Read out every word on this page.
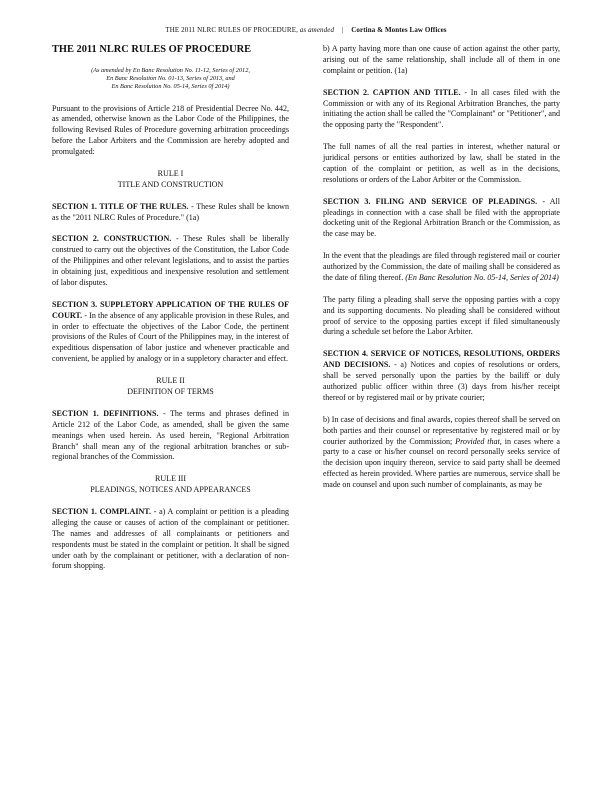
THE 2011 NLRC RULES OF PROCEDURE, as amended | Cortina & Montes Law Offices

THE 2011 NLRC RULES OF PROCEDURE

(As amended by En Banc Resolution No. 11-12, Series of 2012,
En Banc Resolution No. 01-13, Series of 2013, and
En Banc Resolution No. 05-14, Series 0f 2014)

Pursuant to the provisions of Article 218 of Presidential Decree No. 442, as amended, otherwise known as the Labor Code of the Philippines, the following Revised Rules of Procedure governing arbitration proceedings before the Labor Arbiters and the Commission are hereby adopted and promulgated:

RULE I
TITLE AND CONSTRUCTION

SECTION 1. TITLE OF THE RULES. - These Rules shall be known as the "2011 NLRC Rules of Procedure." (1a)

SECTION 2. CONSTRUCTION. - These Rules shall be liberally construed to carry out the objectives of the Constitution, the Labor Code of the Philippines and other relevant legislations, and to assist the parties in obtaining just, expeditious and inexpensive resolution and settlement of labor disputes.

SECTION 3. SUPPLETORY APPLICATION OF THE RULES OF COURT. - In the absence of any applicable provision in these Rules, and in order to effectuate the objectives of the Labor Code, the pertinent provisions of the Rules of Court of the Philippines may, in the interest of expeditious dispensation of labor justice and whenever practicable and convenient, be applied by analogy or in a suppletory character and effect.

RULE II
DEFINITION OF TERMS

SECTION 1. DEFINITIONS. - The terms and phrases defined in Article 212 of the Labor Code, as amended, shall be given the same meanings when used herein. As used herein, "Regional Arbitration Branch" shall mean any of the regional arbitration branches or sub-regional branches of the Commission.

RULE III
PLEADINGS, NOTICES AND APPEARANCES

SECTION 1. COMPLAINT. - a) A complaint or petition is a pleading alleging the cause or causes of action of the complainant or petitioner. The names and addresses of all complainants or petitioners and respondents must be stated in the complaint or petition. It shall be signed under oath by the complainant or petitioner, with a declaration of non-forum shopping.

b) A party having more than one cause of action against the other party, arising out of the same relationship, shall include all of them in one complaint or petition. (1a)

SECTION 2. CAPTION AND TITLE. - In all cases filed with the Commission or with any of its Regional Arbitration Branches, the party initiating the action shall be called the "Complainant" or "Petitioner", and the opposing party the "Respondent".

The full names of all the real parties in interest, whether natural or juridical persons or entities authorized by law, shall be stated in the caption of the complaint or petition, as well as in the decisions, resolutions or orders of the Labor Arbiter or the Commission.

SECTION 3. FILING AND SERVICE OF PLEADINGS. - All pleadings in connection with a case shall be filed with the appropriate docketing unit of the Regional Arbitration Branch or the Commission, as the case may be.

In the event that the pleadings are filed through registered mail or courier authorized by the Commission, the date of mailing shall be considered as the date of filing thereof. (En Banc Resolution No. 05-14, Series of 2014)

The party filing a pleading shall serve the opposing parties with a copy and its supporting documents. No pleading shall be considered without proof of service to the opposing parties except if filed simultaneously during a schedule set before the Labor Arbiter.

SECTION 4. SERVICE OF NOTICES, RESOLUTIONS, ORDERS AND DECISIONS. - a) Notices and copies of resolutions or orders, shall be served personally upon the parties by the bailiff or duly authorized public officer within three (3) days from his/her receipt thereof or by registered mail or by private courier;

b) In case of decisions and final awards, copies thereof shall be served on both parties and their counsel or representative by registered mail or by courier authorized by the Commission; Provided that, in cases where a party to a case or his/her counsel on record personally seeks service of the decision upon inquiry thereon, service to said party shall be deemed effected as herein provided. Where parties are numerous, service shall be made on counsel and upon such number of complainants, as may be
